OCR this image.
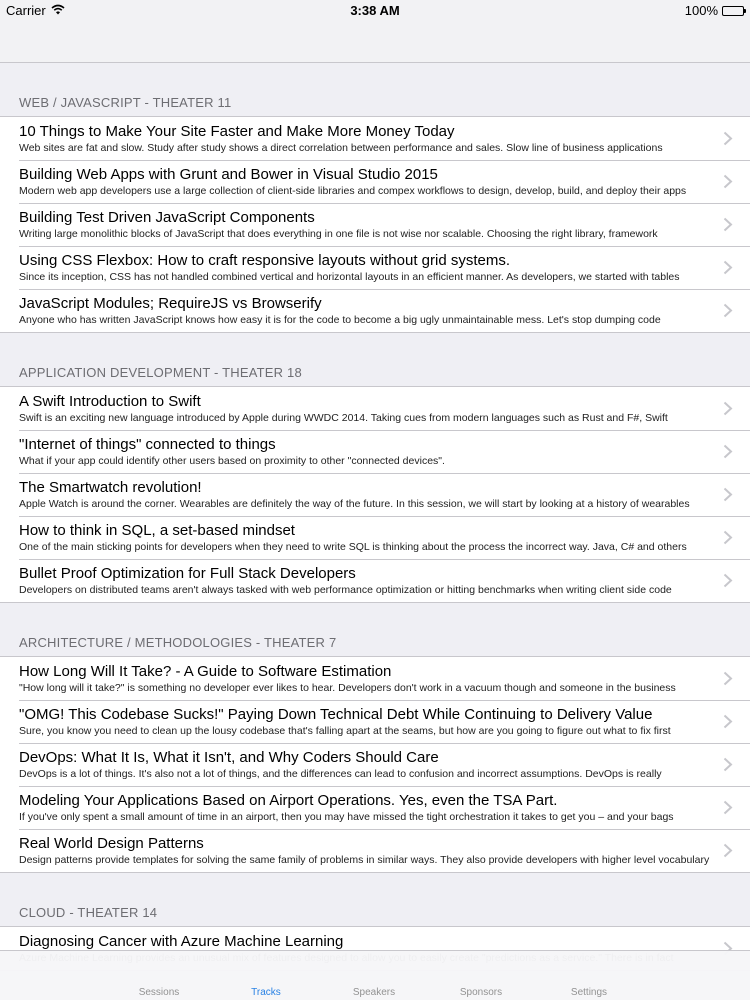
Carrier	3:38 AM	100%
WEB / JAVASCRIPT - THEATER 11
10 Things to Make Your Site Faster and Make More Money Today
Web sites are fat and slow. Study after study shows a direct correlation between performance and sales. Slow line of business applications
Building Web Apps with Grunt and Bower in Visual Studio 2015
Modern web app developers use a large collection of client-side libraries and compex workflows to design, develop, build, and deploy their apps
Building Test Driven JavaScript Components
Writing large monolithic blocks of JavaScript that does everything in one file is not wise nor scalable. Choosing the right library, framework
Using CSS Flexbox: How to craft responsive layouts without grid systems.
Since its inception, CSS has not handled combined vertical and horizontal layouts in an efficient manner. As developers, we started with tables
JavaScript Modules; RequireJS vs Browserify
Anyone who has written JavaScript knows how easy it is for the code to become a big ugly unmaintainable mess. Let's stop dumping code
APPLICATION DEVELOPMENT - THEATER 18
A Swift Introduction to Swift
Swift is an exciting new language introduced by Apple during WWDC 2014. Taking cues from modern languages such as Rust and F#, Swift
"Internet of things" connected to things
What if your app could identify other users based on proximity to other "connected devices".
The Smartwatch revolution!
Apple Watch is around the corner. Wearables are definitely the way of the future. In this session, we will start by looking at a history of wearables
How to think in SQL, a set-based mindset
One of the main sticking points for developers when they need to write SQL is thinking about the process the incorrect way. Java, C# and others
Bullet Proof Optimization for Full Stack Developers
Developers on distributed teams aren't always tasked with web performance optimization or hitting benchmarks when writing client side code
ARCHITECTURE / METHODOLOGIES - THEATER 7
How Long Will It Take? - A Guide to Software Estimation
"How long will it take?" is something no developer ever likes to hear. Developers don't work in a vacuum though and someone in the business
"OMG! This Codebase Sucks!" Paying Down Technical Debt While Continuing to Delivery Value
Sure, you know you need to clean up the lousy codebase that's falling apart at the seams, but how are you going to figure out what to fix first
DevOps: What It Is, What it Isn't, and Why Coders Should Care
DevOps is a lot of things. It's also not a lot of things, and the differences can lead to confusion and incorrect assumptions. DevOps is really
Modeling Your Applications Based on Airport Operations. Yes, even the TSA Part.
If you've only spent a small amount of time in an airport, then you may have missed the tight orchestration it takes to get you – and your bags
Real World Design Patterns
Design patterns provide templates for solving the same family of problems in similar ways. They also provide developers with higher level vocabulary
CLOUD - THEATER 14
Diagnosing Cancer with Azure Machine Learning
Sessions	Tracks	Speakers	Sponsors	Settings
